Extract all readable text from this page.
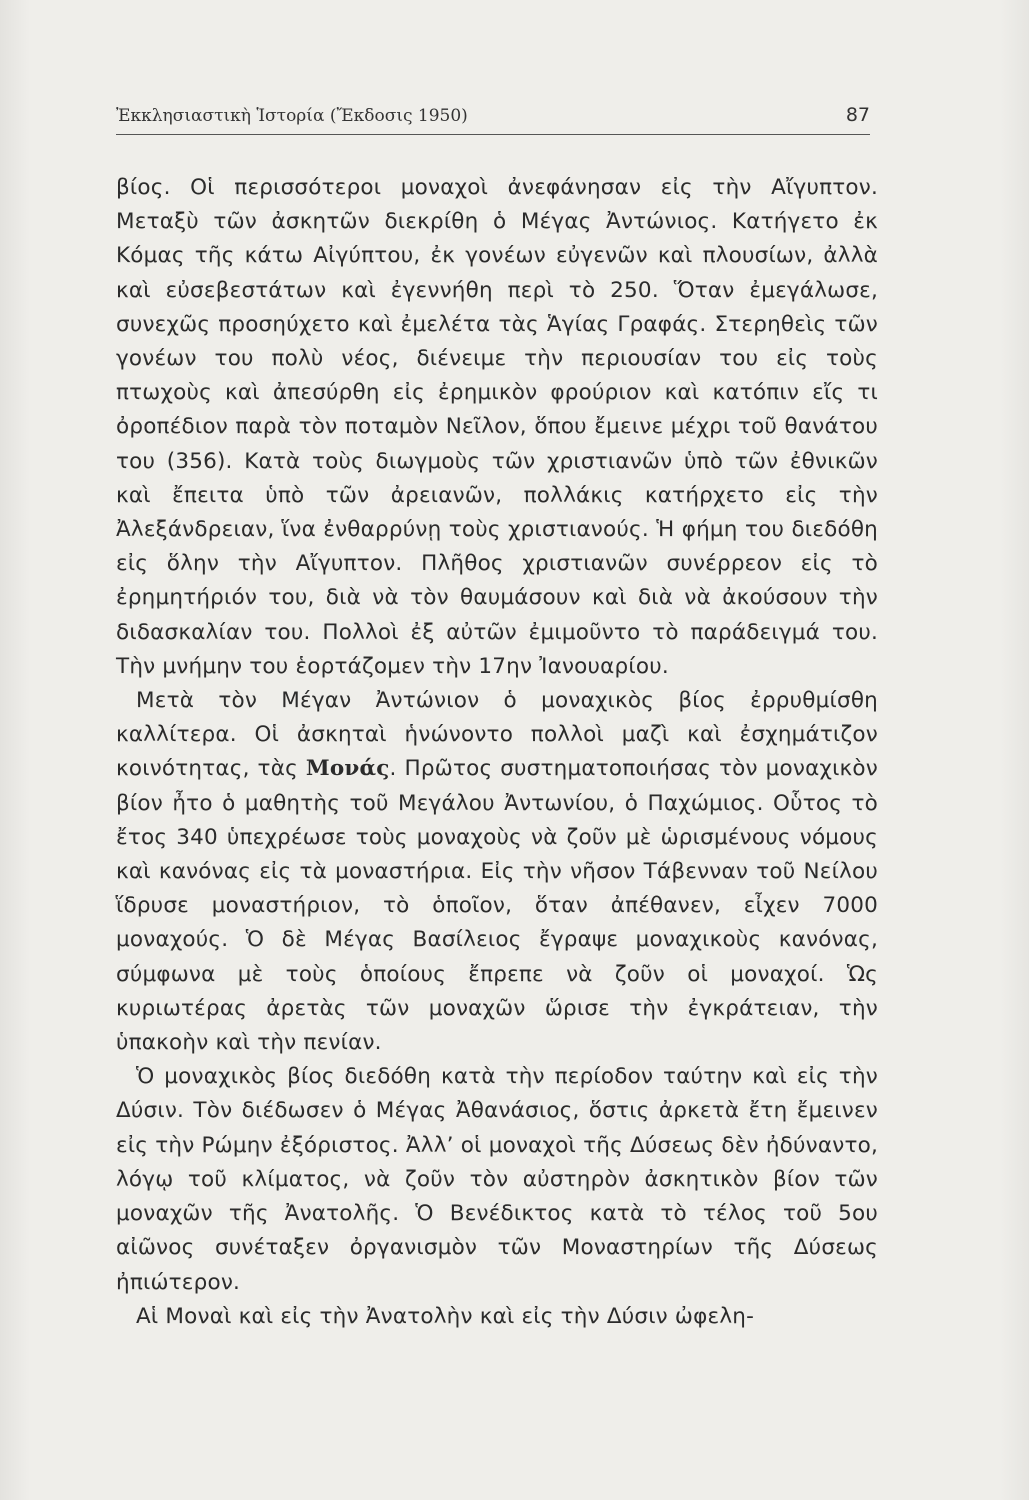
Ἐκκλησιαστικὴ Ἱστορία (Ἔκδοσις 1950)	87

βίος. Οἱ περισσότεροι μοναχοὶ ἀνεφάνησαν εἰς τὴν Αἴγυπτον. Μεταξὺ τῶν ἀσκητῶν διεκρίθη ὁ Μέγας Ἀντώνιος. Κατήγετο ἐκ Κόμας τῆς κάτω Αἰγύπτου, ἐκ γονέων εὐγενῶν καὶ πλουσίων, ἀλλὰ καὶ εὐσεβεστάτων καὶ ἐγεννήθη περὶ τὸ 250. Ὅταν ἐμεγάλωσε, συνεχῶς προσηύχετο καὶ ἐμελέτα τὰς Ἁγίας Γραφάς. Στερηθεὶς τῶν γονέων του πολὺ νέος, διένειμε τὴν περιουσίαν του εἰς τοὺς πτωχοὺς καὶ ἀπεσύρθη εἰς ἐρημικὸν φρούριον καὶ κατόπιν εἴς τι ὀροπέδιον παρὰ τὸν ποταμὸν Νεῖλον, ὅπου ἔμεινε μέχρι τοῦ θανάτου του (356). Κατὰ τοὺς διωγμοὺς τῶν χριστιανῶν ὑπὸ τῶν ἐθνικῶν καὶ ἔπειτα ὑπὸ τῶν ἀρειανῶν, πολλάκις κατήρχετο εἰς τὴν Ἀλεξάνδρειαν, ἵνα ἐνθαρρύνῃ τοὺς χριστιανούς. Ἡ φήμη του διεδόθη εἰς ὅλην τὴν Αἴγυπτον. Πλῆθος χριστιανῶν συνέρρεον εἰς τὸ ἐρημητήριόν του, διὰ νὰ τὸν θαυμάσουν καὶ διὰ νὰ ἀκούσουν τὴν διδασκαλίαν του. Πολλοὶ ἐξ αὐτῶν ἐμιμοῦντο τὸ παράδειγμά του. Τὴν μνήμην του ἑορτάζομεν τὴν 17ην Ἰανουαρίου.

Μετὰ τὸν Μέγαν Ἀντώνιον ὁ μοναχικὸς βίος ἐρρυθμίσθη καλλίτερα. Οἱ ἀσκηταὶ ἡνώνοντο πολλοὶ μαζὶ καὶ ἐσχημάτιζον κοινότητας, τὰς Μονάς. Πρῶτος συστηματοποιήσας τὸν μοναχικὸν βίον ἦτο ὁ μαθητὴς τοῦ Μεγάλου Ἀντωνίου, ὁ Παχώμιος. Οὗτος τὸ ἔτος 340 ὑπεχρέωσε τοὺς μοναχοὺς νὰ ζοῦν μὲ ὡρισμένους νόμους καὶ κανόνας εἰς τὰ μοναστήρια. Εἰς τὴν νῆσον Τάβενναν τοῦ Νείλου ἵδρυσε μοναστήριον, τὸ ὁποῖον, ὅταν ἀπέθανεν, εἶχεν 7000 μοναχούς. Ὁ δὲ Μέγας Βασίλειος ἔγραψε μοναχικοὺς κανόνας, σύμφωνα μὲ τοὺς ὁποίους ἔπρεπε νὰ ζοῦν οἱ μοναχοί. Ὡς κυριωτέρας ἀρετὰς τῶν μοναχῶν ὥρισε τὴν ἐγκράτειαν, τὴν ὑπακοὴν καὶ τὴν πενίαν.

Ὁ μοναχικὸς βίος διεδόθη κατὰ τὴν περίοδον ταύτην καὶ εἰς τὴν Δύσιν. Τὸν διέδωσεν ὁ Μέγας Ἀθανάσιος, ὅστις ἀρκετὰ ἔτη ἔμεινεν εἰς τὴν Ρώμην ἐξόριστος. Ἀλλ’ οἱ μοναχοὶ τῆς Δύσεως δὲν ἠδύναντο, λόγῳ τοῦ κλίματος, νὰ ζοῦν τὸν αὐστηρὸν ἀσκητικὸν βίον τῶν μοναχῶν τῆς Ἀνατολῆς. Ὁ Βενέδικτος κατὰ τὸ τέλος τοῦ 5ου αἰῶνος συνέταξεν ὀργανισμὸν τῶν Μοναστηρίων τῆς Δύσεως ἠπιώτερον.

Αἱ Μοναὶ καὶ εἰς τὴν Ἀνατολὴν καὶ εἰς τὴν Δύσιν ὠφελη-
